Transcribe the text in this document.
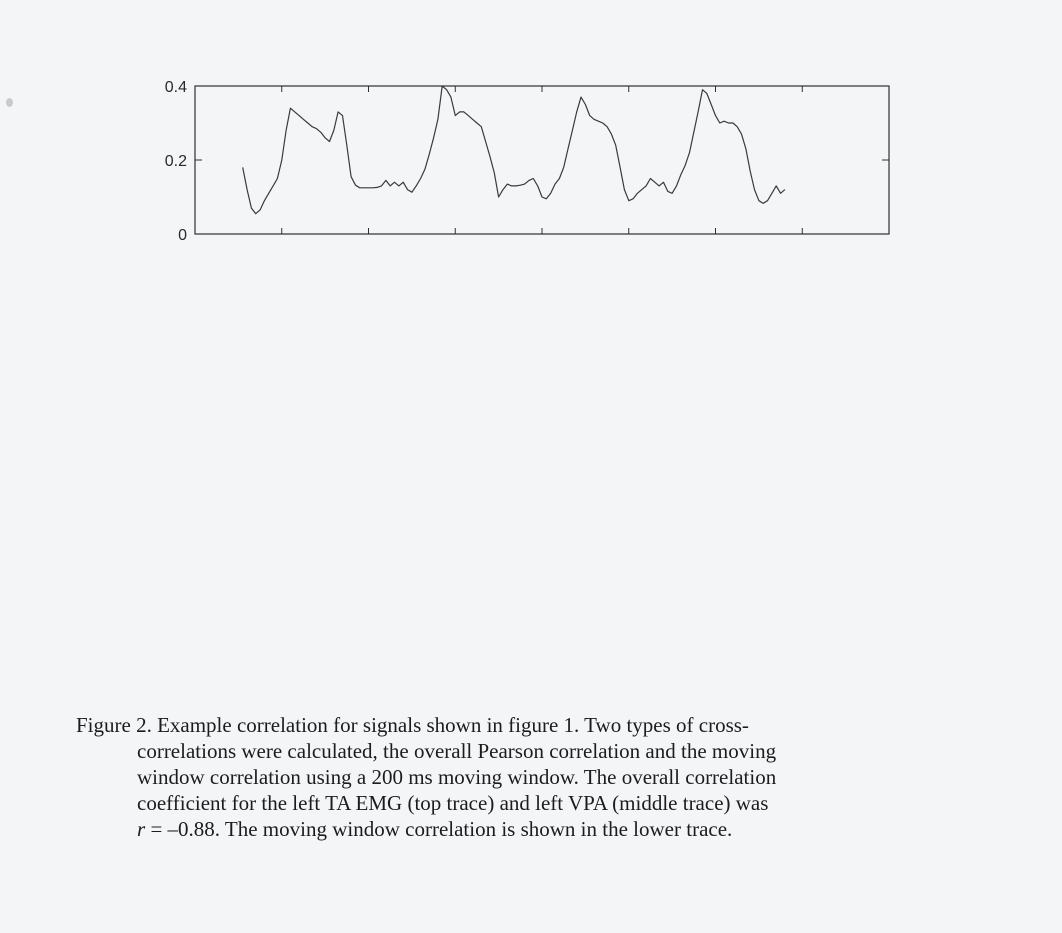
0
0.2
0.4

Figure 2. Example correlation for signals shown in figure 1. Two types of cross-
correlations were calculated, the overall Pearson correlation and the moving
window correlation using a 200 ms moving window. The overall correlation
coefficient for the left TA EMG (top trace) and left VPA (middle trace) was
r = –0.88. The moving window correlation is shown in the lower trace.
